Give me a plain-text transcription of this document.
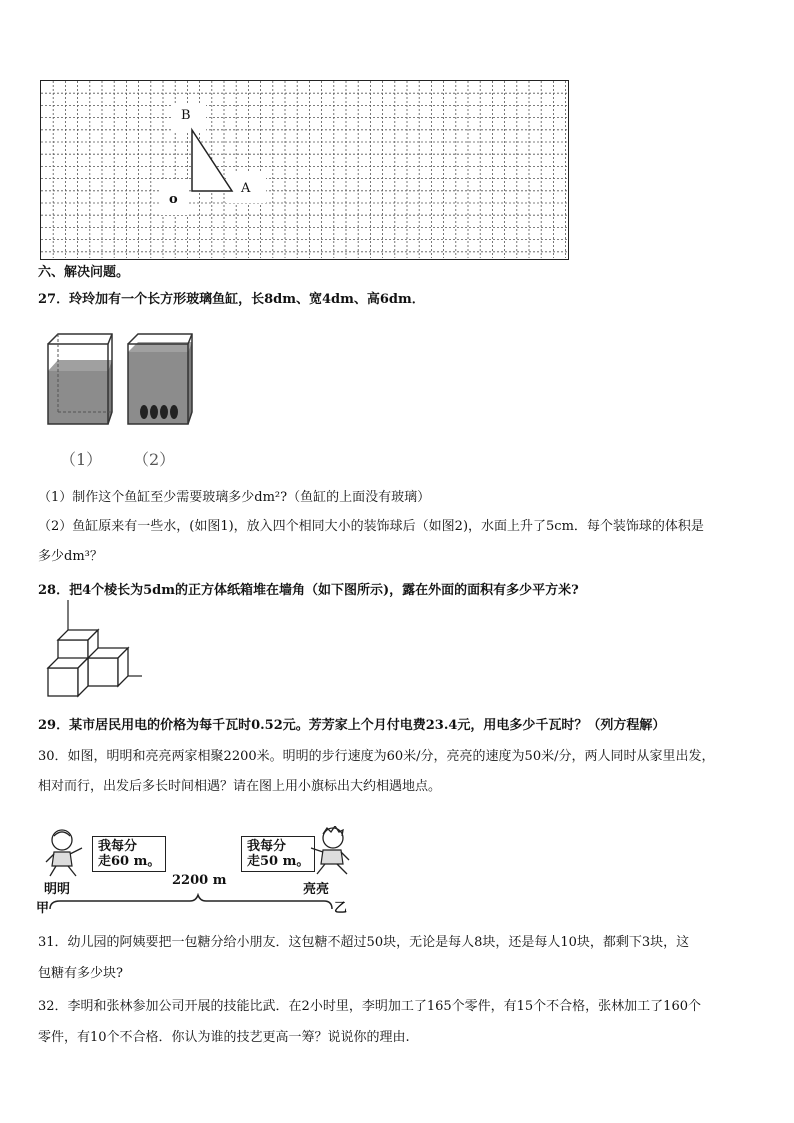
B
A
o
六、解决问题。
27．玲玲加有一个长方形玻璃鱼缸，长8dm、宽4dm、高6dm．
（1） （2）
（1）制作这个鱼缸至少需要玻璃多少dm²?（鱼缸的上面没有玻璃）
（2）鱼缸原来有一些水，(如图1)，放入四个相同大小的装饰球后（如图2)，水面上升了5cm．每个装饰球的体积是
多少dm³？
28．把4个棱长为5dm的正方体纸箱堆在墙角（如下图所示)，露在外面的面积有多少平方米?
29．某市居民用电的价格为每千瓦时0.52元。芳芳家上个月付电费23.4元，用电多少千瓦时？（列方程解）
30．如图，明明和亮亮两家相聚2200米。明明的步行速度为60米/分，亮亮的速度为50米/分，两人同时从家里出发，
相对而行，出发后多长时间相遇？请在图上用小旗标出大约相遇地点。
我每分
走60 m。
我每分
走50 m。
明明
2200 m
亮亮
甲	乙
31．幼儿园的阿姨要把一包糖分给小朋友．这包糖不超过50块，无论是每人8块，还是每人10块，都剩下3块，这
包糖有多少块?
32．李明和张林参加公司开展的技能比武．在2小时里，李明加工了165个零件，有15个不合格，张林加工了160个
零件，有10个不合格．你认为谁的技艺更高一筹？说说你的理由.
